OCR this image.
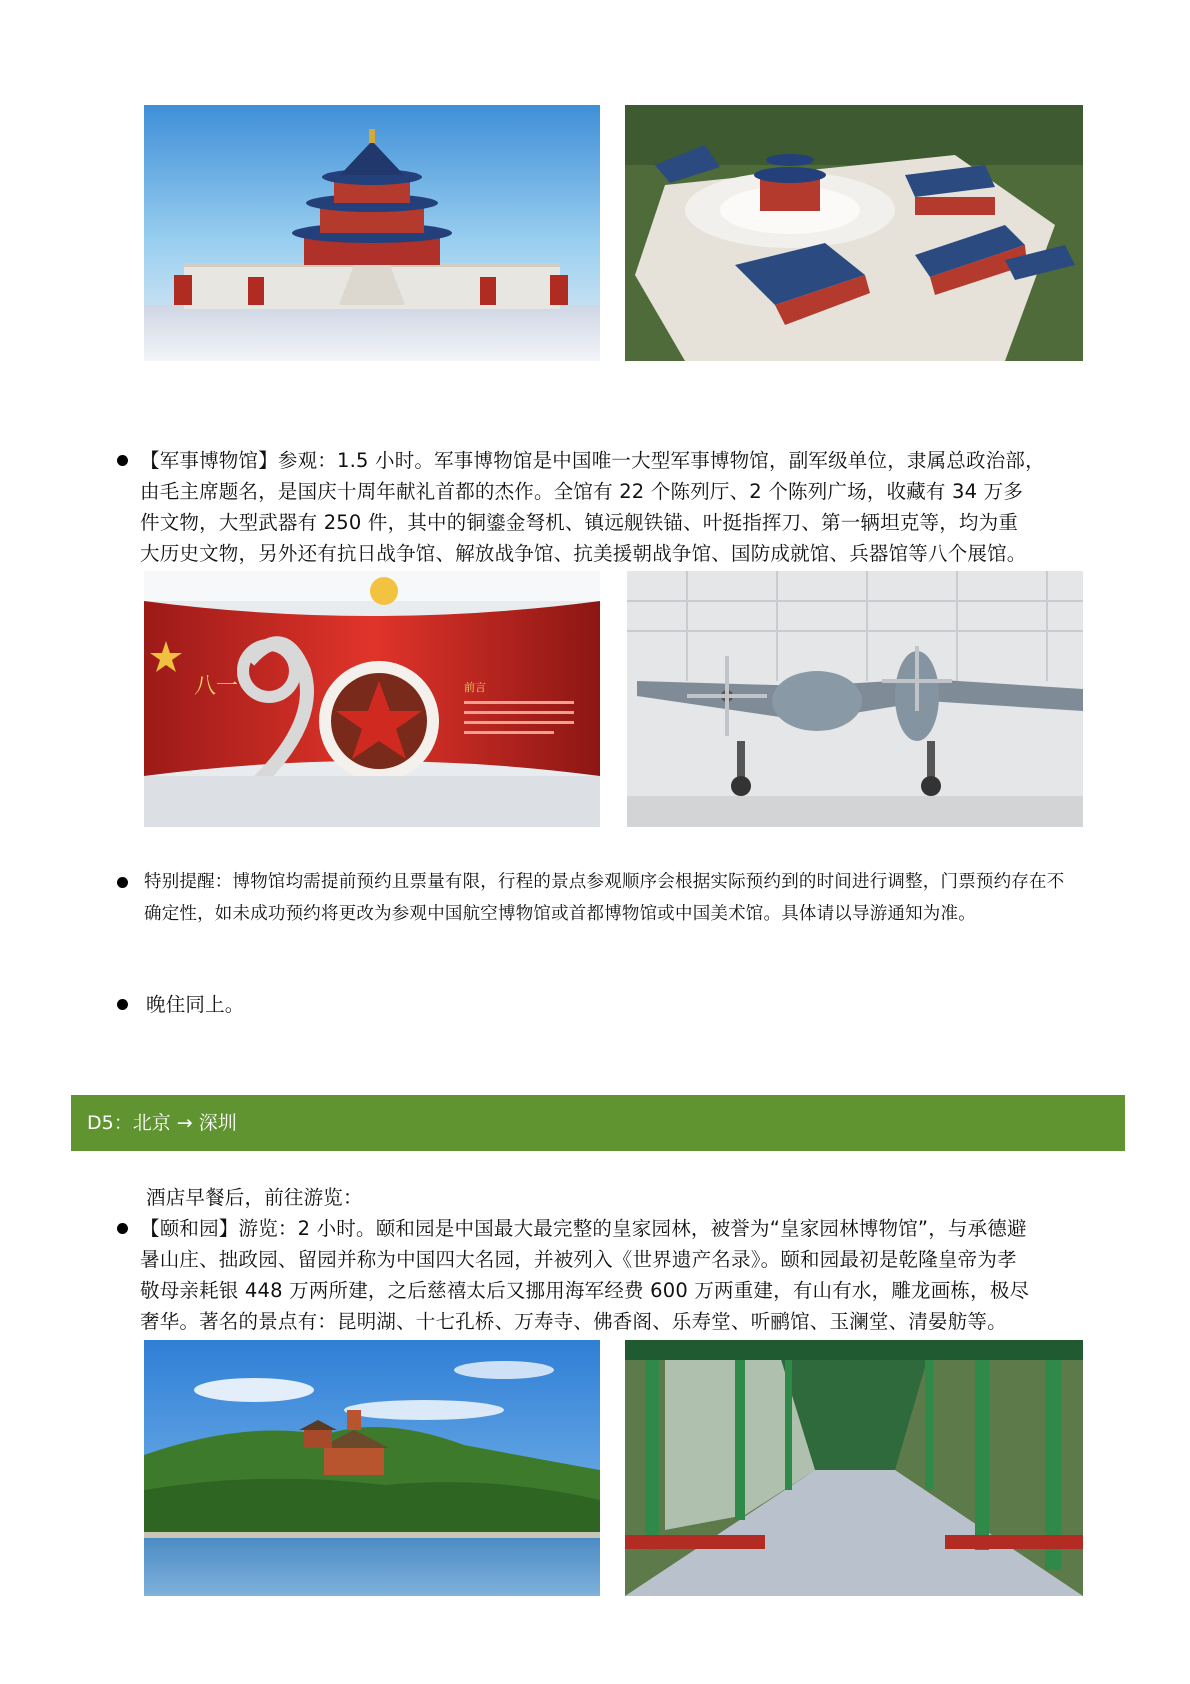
【军事博物馆】参观：1.5 小时。军事博物馆是中国唯一大型军事博物馆，副军级单位，隶属总政治部，
由毛主席题名，是国庆十周年献礼首都的杰作。全馆有 22 个陈列厅、2 个陈列广场，收藏有 34 万多
件文物，大型武器有 250 件，其中的铜鎏金弩机、镇远舰铁锚、叶挺指挥刀、第一辆坦克等，均为重
大历史文物，另外还有抗日战争馆、解放战争馆、抗美援朝战争馆、国防成就馆、兵器馆等八个展馆。
八一	前言
特别提醒：博物馆均需提前预约且票量有限，行程的景点参观顺序会根据实际预约到的时间进行调整，门票预约存在不
确定性，如未成功预约将更改为参观中国航空博物馆或首都博物馆或中国美术馆。具体请以导游通知为准。
晚住同上。
D5：北京 → 深圳
酒店早餐后，前往游览：
【颐和园】游览：2 小时。颐和园是中国最大最完整的皇家园林，被誉为“皇家园林博物馆”，与承德避
暑山庄、拙政园、留园并称为中国四大名园，并被列入《世界遗产名录》。颐和园最初是乾隆皇帝为孝
敬母亲耗银 448 万两所建，之后慈禧太后又挪用海军经费 600 万两重建，有山有水，雕龙画栋，极尽
奢华。著名的景点有：昆明湖、十七孔桥、万寿寺、佛香阁、乐寿堂、听鹂馆、玉澜堂、清晏舫等。
